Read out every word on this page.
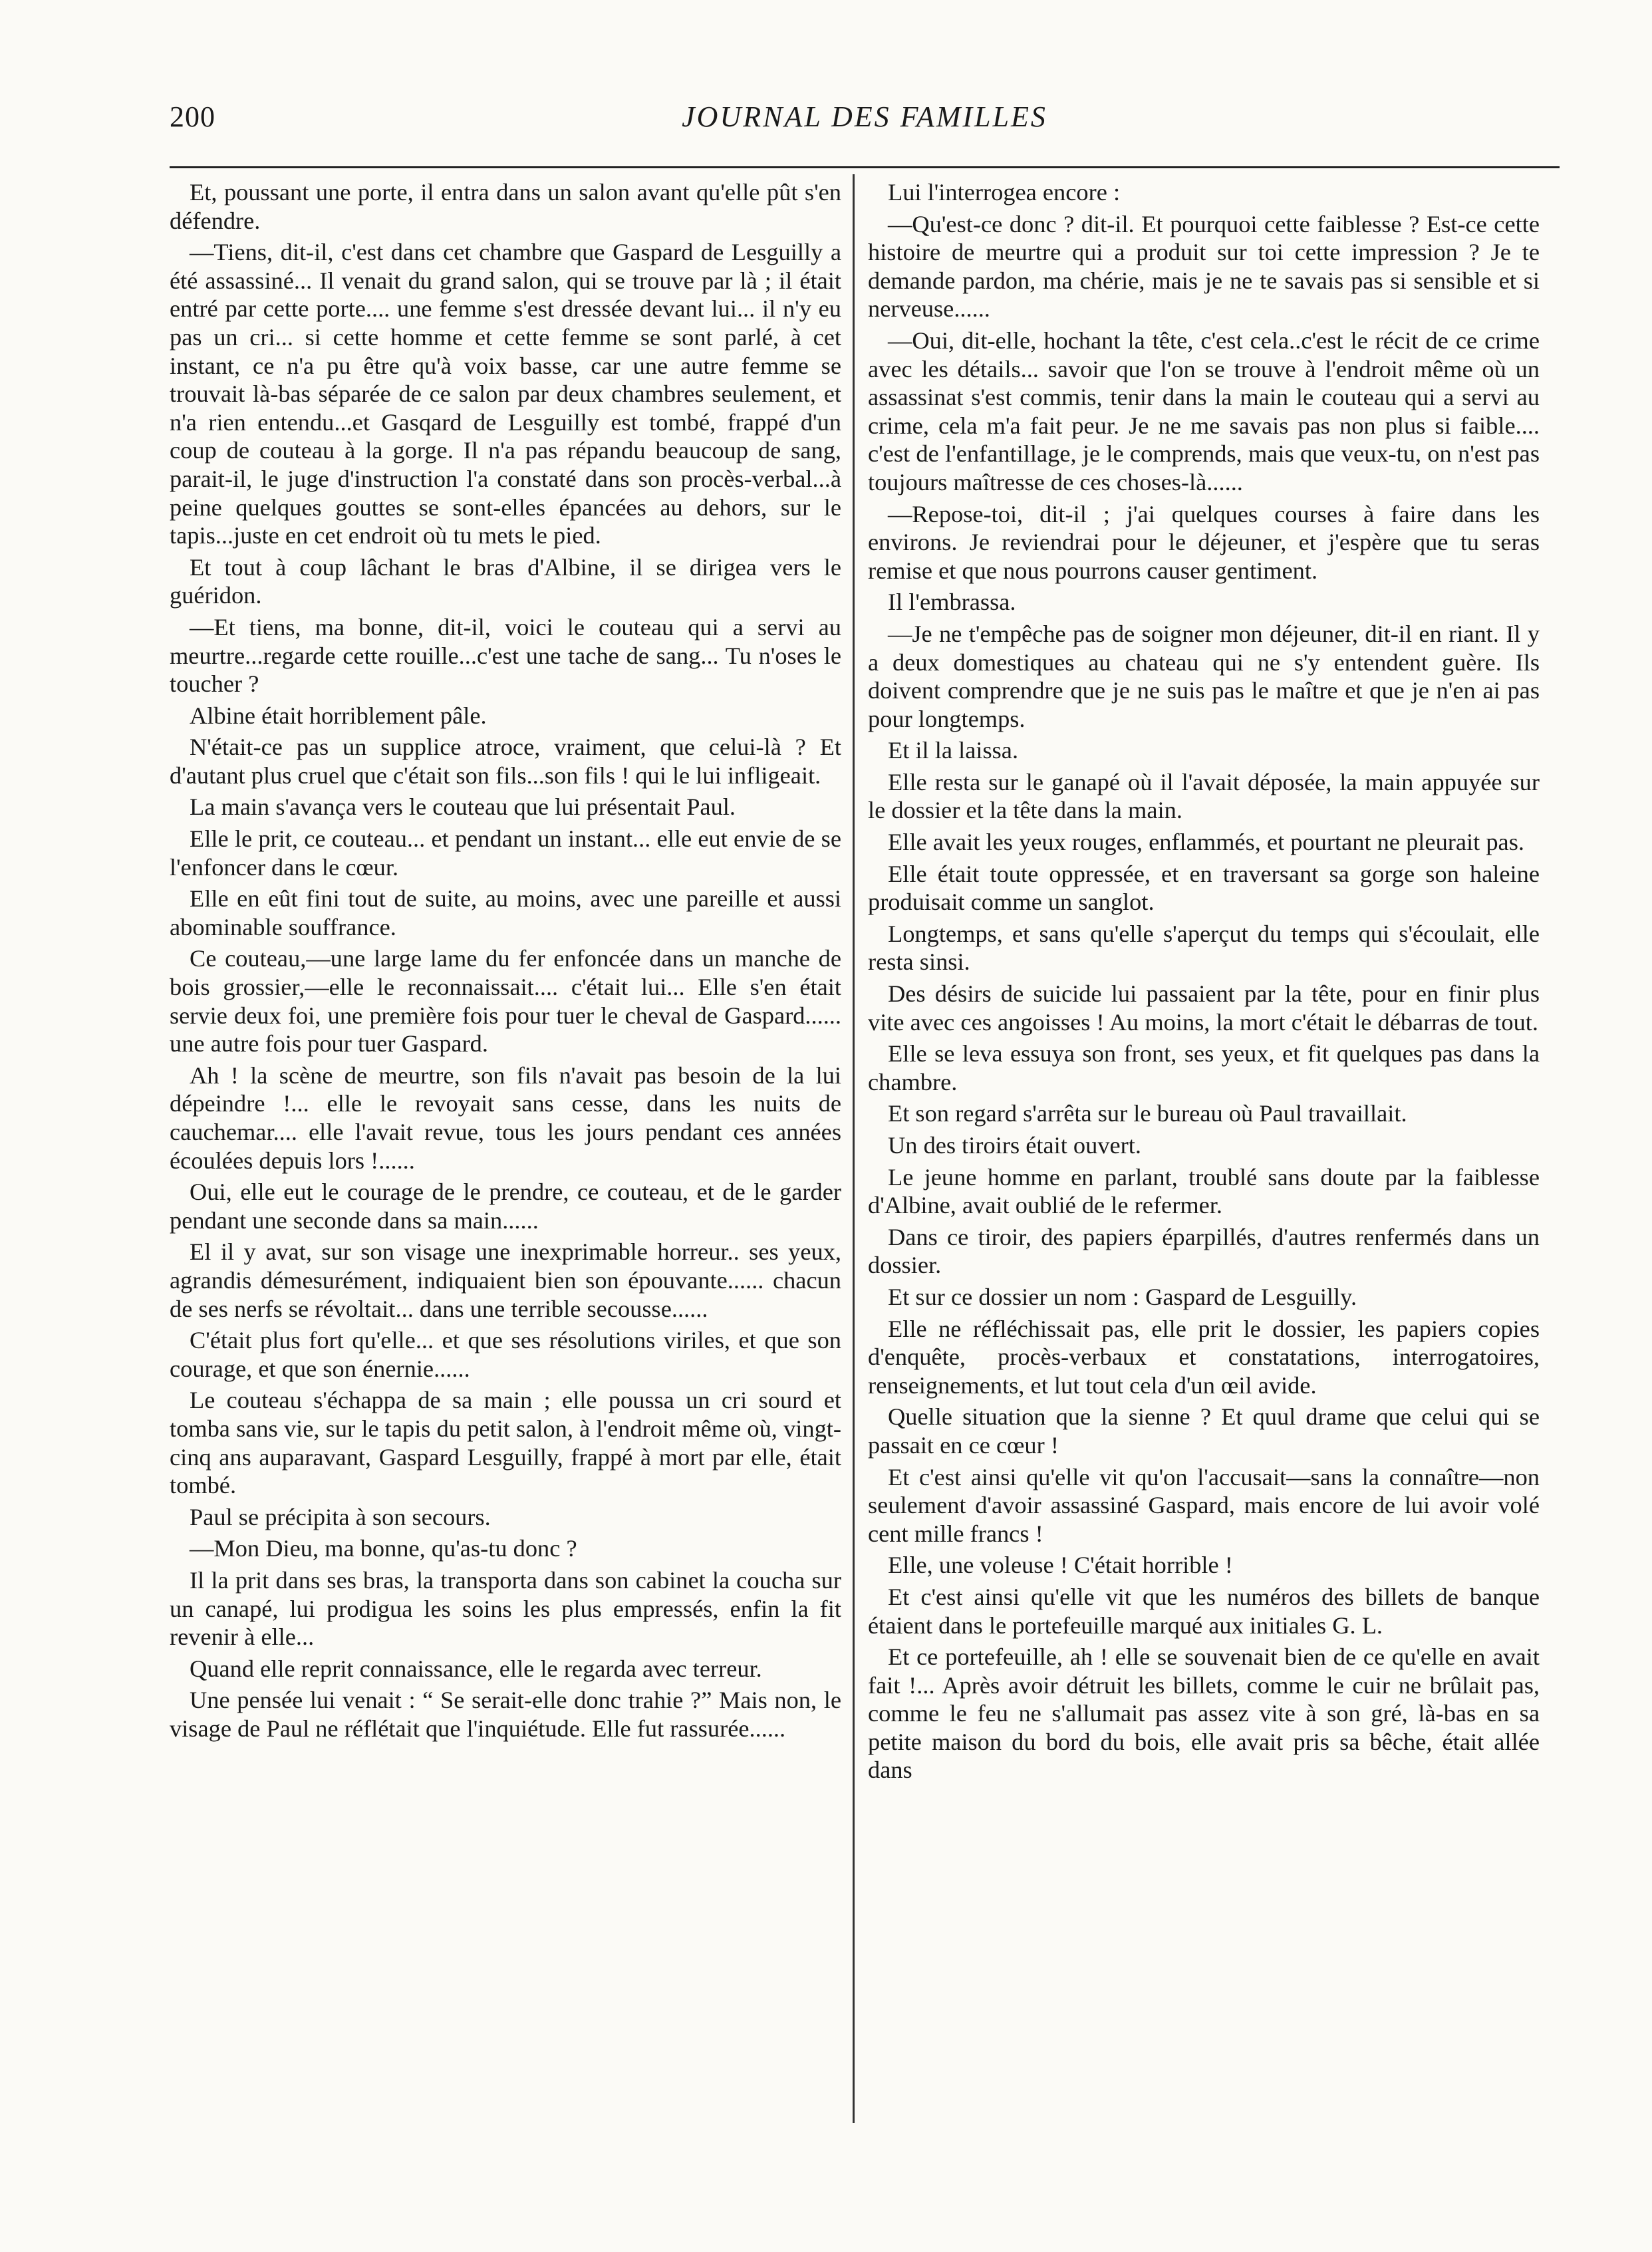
200	JOURNAL DES FAMILLES

Et, poussant une porte, il entra dans un salon avant qu'elle pût s'en défendre.

—Tiens, dit-il, c'est dans cet chambre que Gaspard de Lesguilly a été assassiné... Il venait du grand salon, qui se trouve par là ; il était entré par cette porte.... une femme s'est dressée devant lui... il n'y eu pas un cri... si cette homme et cette femme se sont parlé, à cet instant, ce n'a pu être qu'à voix basse, car une autre femme se trouvait là-bas séparée de ce salon par deux chambres seulement, et n'a rien entendu...et Gasqard de Lesguilly est tombé, frappé d'un coup de couteau à la gorge. Il n'a pas répandu beaucoup de sang, parait-il, le juge d'instruction l'a constaté dans son procès-verbal...à peine quelques gouttes se sont-elles épancées au dehors, sur le tapis...juste en cet endroit où tu mets le pied.

Et tout à coup lâchant le bras d'Albine, il se dirigea vers le guéridon.

—Et tiens, ma bonne, dit-il, voici le couteau qui a servi au meurtre...regarde cette rouille...c'est une tache de sang... Tu n'oses le toucher ?

Albine était horriblement pâle.

N'était-ce pas un supplice atroce, vraiment, que celui-là ? Et d'autant plus cruel que c'était son fils...son fils ! qui le lui infligeait.

La main s'avança vers le couteau que lui présentait Paul.

Elle le prit, ce couteau... et pendant un instant... elle eut envie de se l'enfoncer dans le cœur.

Elle en eût fini tout de suite, au moins, avec une pareille et aussi abominable souffrance.

Ce couteau,—une large lame du fer enfoncée dans un manche de bois grossier,—elle le reconnaissait.... c'était lui... Elle s'en était servie deux foi, une première fois pour tuer le cheval de Gaspard...... une autre fois pour tuer Gaspard.

Ah ! la scène de meurtre, son fils n'avait pas besoin de la lui dépeindre !... elle le revoyait sans cesse, dans les nuits de cauchemar.... elle l'avait revue, tous les jours pendant ces années écoulées depuis lors !......

Oui, elle eut le courage de le prendre, ce couteau, et de le garder pendant une seconde dans sa main......

El il y avat, sur son visage une inexprimable horreur.. ses yeux, agrandis démesurément, indiquaient bien son épouvante...... chacun de ses nerfs se révoltait... dans une terrible secousse......

C'était plus fort qu'elle... et que ses résolutions viriles, et que son courage, et que son énernie......

Le couteau s'échappa de sa main ; elle poussa un cri sourd et tomba sans vie, sur le tapis du petit salon, à l'endroit même où, vingt-cinq ans auparavant, Gaspard Lesguilly, frappé à mort par elle, était tombé.

Paul se précipita à son secours.

—Mon Dieu, ma bonne, qu'as-tu donc ?

Il la prit dans ses bras, la transporta dans son cabinet la coucha sur un canapé, lui prodigua les soins les plus empressés, enfin la fit revenir à elle...

Quand elle reprit connaissance, elle le regarda avec terreur.

Une pensée lui venait : “ Se serait-elle donc trahie ?” Mais non, le visage de Paul ne réflétait que l'inquiétude. Elle fut rassurée......

Lui l'interrogea encore :

—Qu'est-ce donc ? dit-il. Et pourquoi cette faiblesse ? Est-ce cette histoire de meurtre qui a produit sur toi cette impression ? Je te demande pardon, ma chérie, mais je ne te savais pas si sensible et si nerveuse......

—Oui, dit-elle, hochant la tête, c'est cela..c'est le récit de ce crime avec les détails... savoir que l'on se trouve à l'endroit même où un assassinat s'est commis, tenir dans la main le couteau qui a servi au crime, cela m'a fait peur. Je ne me savais pas non plus si faible.... c'est de l'enfantillage, je le comprends, mais que veux-tu, on n'est pas toujours maîtresse de ces choses-là......

—Repose-toi, dit-il ; j'ai quelques courses à faire dans les environs. Je reviendrai pour le déjeuner, et j'espère que tu seras remise et que nous pourrons causer gentiment.

Il l'embrassa.

—Je ne t'empêche pas de soigner mon déjeuner, dit-il en riant. Il y a deux domestiques au chateau qui ne s'y entendent guère. Ils doivent comprendre que je ne suis pas le maître et que je n'en ai pas pour longtemps.

Et il la laissa.

Elle resta sur le ganapé où il l'avait déposée, la main appuyée sur le dossier et la tête dans la main.

Elle avait les yeux rouges, enflammés, et pourtant ne pleurait pas.

Elle était toute oppressée, et en traversant sa gorge son haleine produisait comme un sanglot.

Longtemps, et sans qu'elle s'aperçut du temps qui s'écoulait, elle resta sinsi.

Des désirs de suicide lui passaient par la tête, pour en finir plus vite avec ces angoisses ! Au moins, la mort c'était le débarras de tout.

Elle se leva essuya son front, ses yeux, et fit quelques pas dans la chambre.

Et son regard s'arrêta sur le bureau où Paul travaillait.

Un des tiroirs était ouvert.

Le jeune homme en parlant, troublé sans doute par la faiblesse d'Albine, avait oublié de le refermer.

Dans ce tiroir, des papiers éparpillés, d'autres renfermés dans un dossier.

Et sur ce dossier un nom : Gaspard de Lesguilly.

Elle ne réfléchissait pas, elle prit le dossier, les papiers copies d'enquête, procès-verbaux et constatations, interrogatoires, renseignements, et lut tout cela d'un œil avide.

Quelle situation que la sienne ? Et quul drame que celui qui se passait en ce cœur !

Et c'est ainsi qu'elle vit qu'on l'accusait—sans la connaître—non seulement d'avoir assassiné Gaspard, mais encore de lui avoir volé cent mille francs !

Elle, une voleuse ! C'était horrible !

Et c'est ainsi qu'elle vit que les numéros des billets de banque étaient dans le portefeuille marqué aux initiales G. L.

Et ce portefeuille, ah ! elle se souvenait bien de ce qu'elle en avait fait !... Après avoir détruit les billets, comme le cuir ne brûlait pas, comme le feu ne s'allumait pas assez vite à son gré, là-bas en sa petite maison du bord du bois, elle avait pris sa bêche, était allée dans
